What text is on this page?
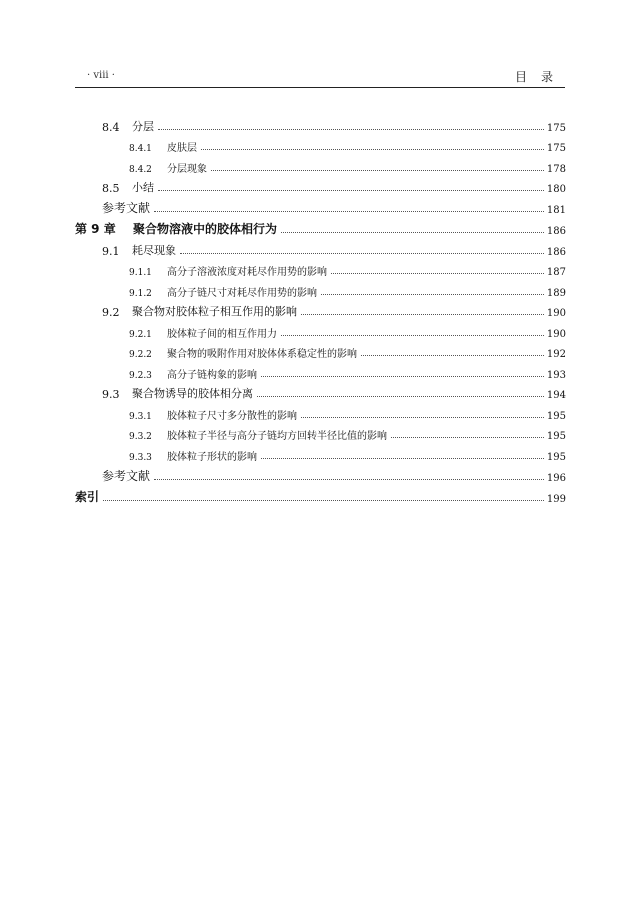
· viii ·	目录
8.4	分层	175
8.4.1	皮肤层	175
8.4.2	分层现象	178
8.5	小结	180
参考文献	181
第 9 章	聚合物溶液中的胶体相行为	186
9.1	耗尽现象	186
9.1.1	高分子溶液浓度对耗尽作用势的影响	187
9.1.2	高分子链尺寸对耗尽作用势的影响	189
9.2	聚合物对胶体粒子相互作用的影响	190
9.2.1	胶体粒子间的相互作用力	190
9.2.2	聚合物的吸附作用对胶体体系稳定性的影响	192
9.2.3	高分子链构象的影响	193
9.3	聚合物诱导的胶体相分离	194
9.3.1	胶体粒子尺寸多分散性的影响	195
9.3.2	胶体粒子半径与高分子链均方回转半径比值的影响	195
9.3.3	胶体粒子形状的影响	195
参考文献	196
索引	199
